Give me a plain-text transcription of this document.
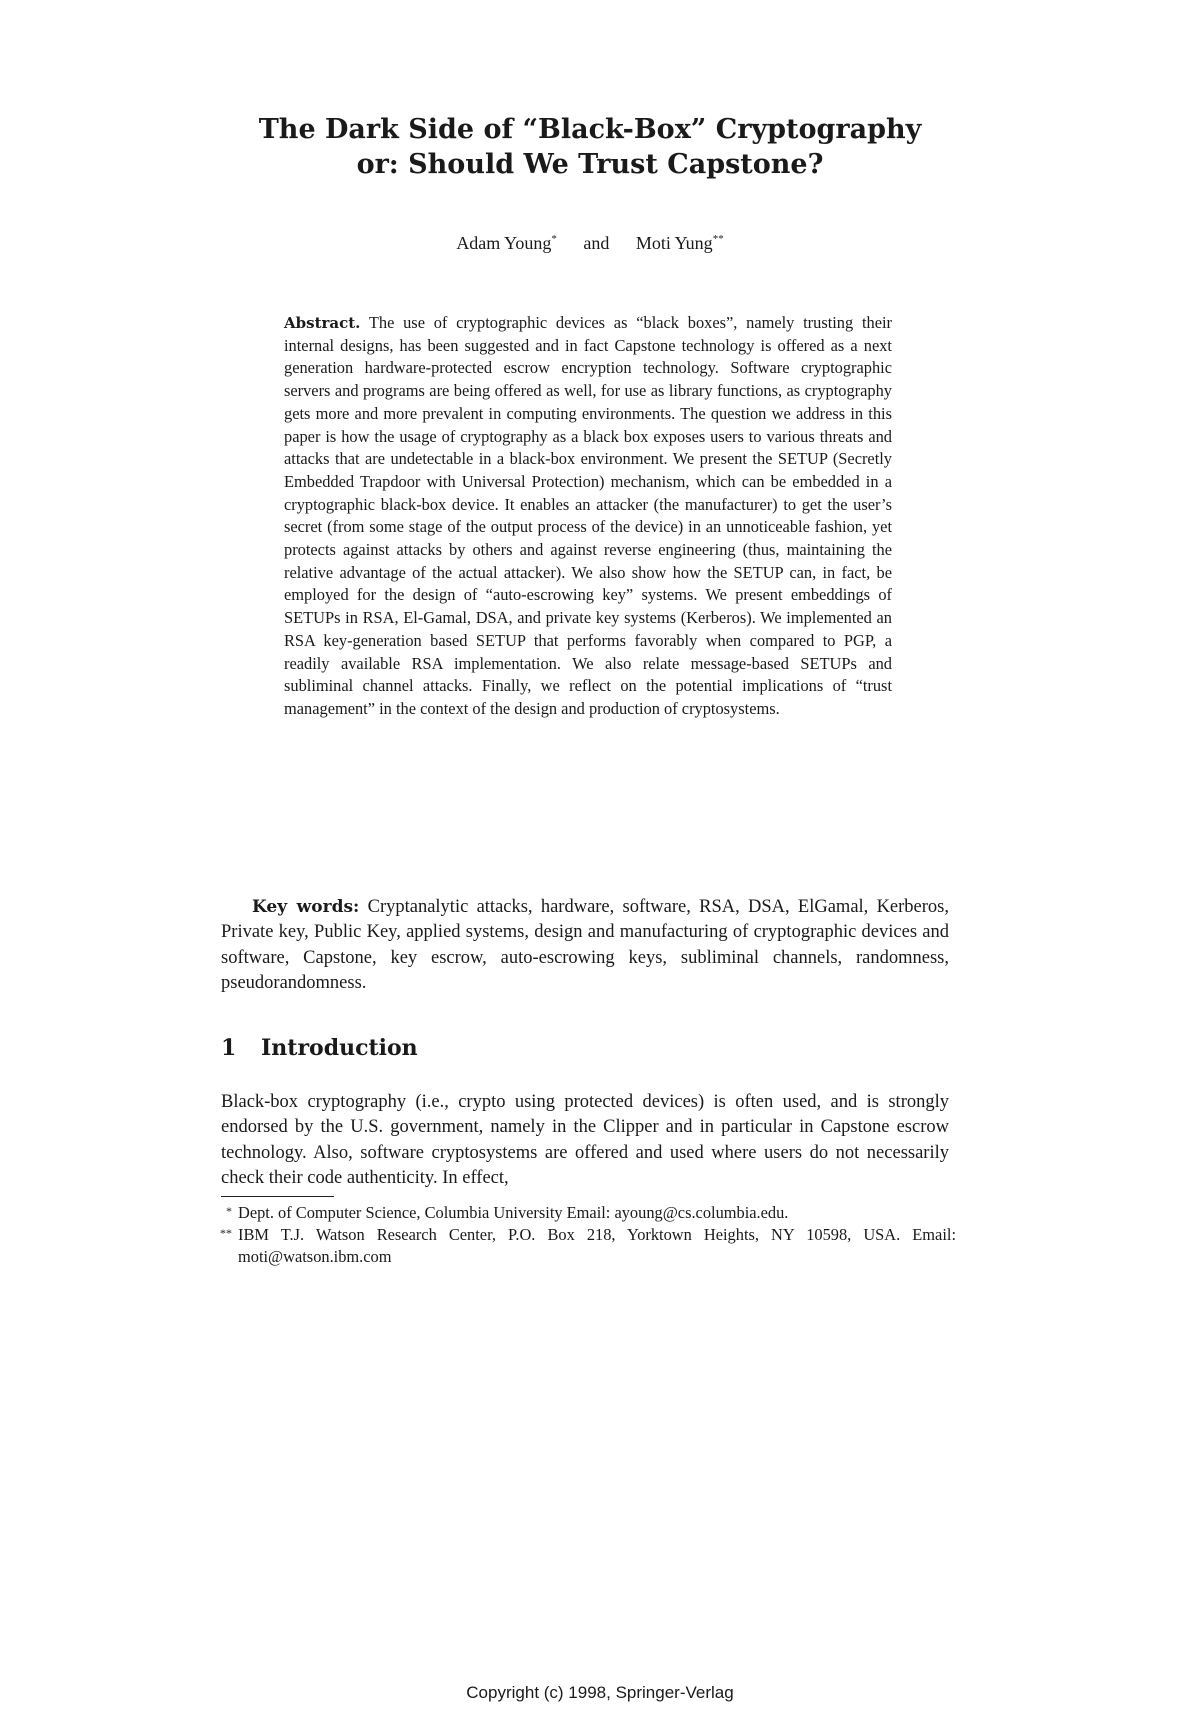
The Dark Side of “Black-Box” Cryptography
or: Should We Trust Capstone?
Adam Young* and Moti Yung**

Abstract. The use of cryptographic devices as “black boxes”, namely trusting their internal designs, has been suggested and in fact Capstone technology is offered as a next generation hardware-protected escrow encryption technology. Software cryptographic servers and programs are being offered as well, for use as library functions, as cryptography gets more and more prevalent in computing environments. The question we address in this paper is how the usage of cryptography as a black box exposes users to various threats and attacks that are undetectable in a black-box environment. We present the SETUP (Secretly Embedded Trapdoor with Universal Protection) mechanism, which can be embedded in a cryptographic black-box device. It enables an attacker (the manufacturer) to get the user’s secret (from some stage of the output process of the device) in an unnoticeable fashion, yet protects against attacks by others and against reverse engineering (thus, maintaining the relative advantage of the actual attacker). We also show how the SETUP can, in fact, be employed for the design of “auto-escrowing key” systems. We present embeddings of SETUPs in RSA, El-Gamal, DSA, and private key systems (Kerberos). We implemented an RSA key-generation based SETUP that performs favorably when compared to PGP, a readily available RSA implementation. We also relate message-based SETUPs and subliminal channel attacks. Finally, we reflect on the potential implications of “trust management” in the context of the design and production of cryptosystems.

Key words: Cryptanalytic attacks, hardware, software, RSA, DSA, ElGamal, Kerberos, Private key, Public Key, applied systems, design and manufacturing of cryptographic devices and software, Capstone, key escrow, auto-escrowing keys, subliminal channels, randomness, pseudorandomness.

1 Introduction

Black-box cryptography (i.e., crypto using protected devices) is often used, and is strongly endorsed by the U.S. government, namely in the Clipper and in particular in Capstone escrow technology. Also, software cryptosystems are offered and used where users do not necessarily check their code authenticity. In effect,

* Dept. of Computer Science, Columbia University Email: ayoung@cs.columbia.edu.
** IBM T.J. Watson Research Center, P.O. Box 218, Yorktown Heights, NY 10598, USA. Email: moti@watson.ibm.com
Copyright (c) 1998, Springer-Verlag
